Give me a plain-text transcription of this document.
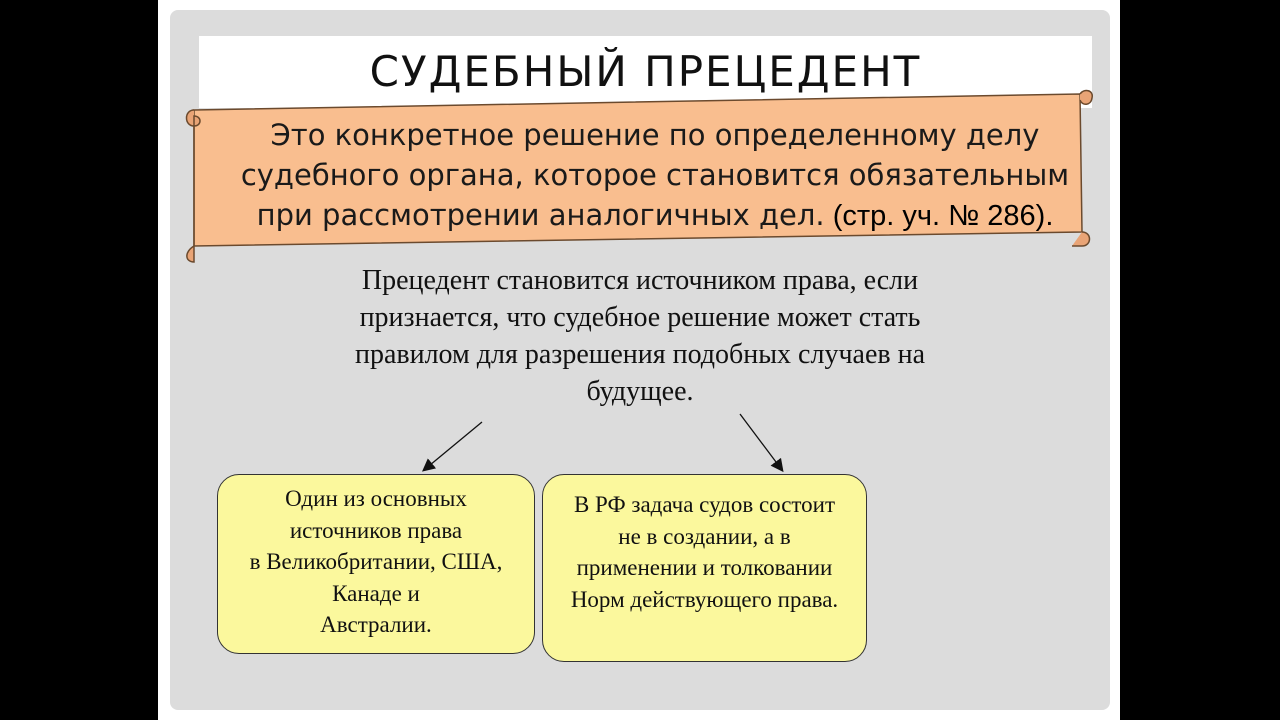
СУДЕБНЫЙ ПРЕЦЕДЕНТ
Это конкретное решение по определенному делу
судебного органа, которое становится обязательным
при рассмотрении аналогичных дел. (стр. уч. № 286).
Прецедент становится источником права, если
признается, что судебное решение может стать
правилом для разрешения подобных случаев на
будущее.
Один из основных
источников права
в Великобритании, США,
Канаде и
Австралии.
В РФ задача судов состоит
не в создании, а в
применении и толковании
Норм действующего права.
